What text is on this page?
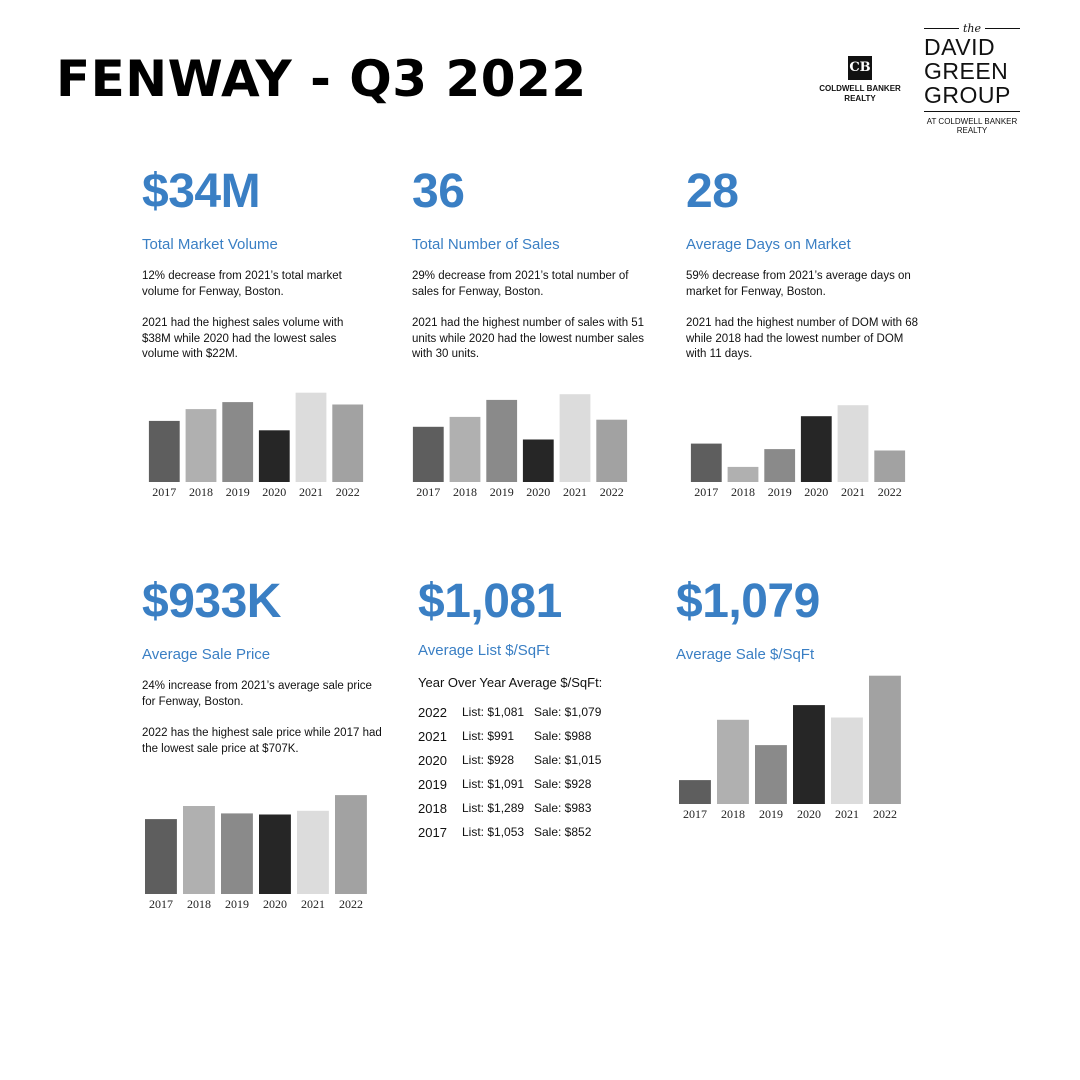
FENWAY - Q3 2022	CB
COLDWELL BANKER REALTY
the
DAVID
GREEN
GROUP
AT COLDWELL BANKER REALTY
$34M
Total Market Volume

12% decrease from 2021’s total market volume for Fenway, Boston.

2021 had the highest sales volume with $38M while 2020 had the lowest sales volume with $22M.

36
Total Number of Sales

29% decrease from 2021’s total number of sales for Fenway, Boston.

2021 had the highest number of sales with 51 units while 2020 had the lowest number sales with 30 units.

28
Average Days on Market

59% decrease from 2021’s average days on market for Fenway, Boston.

2021 had the highest number of DOM with 68 while 2018 had the lowest number of DOM with 11 days.

2017 2018 2019 2020 2021 2022	2017 2018 2019 2020 2021 2022	2017 2018 2019 2020 2021 2022
$933K
Average Sale Price

24% increase from 2021’s average sale price for Fenway, Boston.

2022 has the highest sale price while 2017 had the lowest sale price at $707K.

$1,081
Average List $/SqFt
Year Over Year Average $/SqFt:
2022	List: $1,081	Sale: $1,079
2021	List: $991	Sale: $988
2020	List: $928	Sale: $1,015
2019	List: $1,091	Sale: $928
2018	List: $1,289	Sale: $983
2017	List: $1,053	Sale: $852
$1,079
Average Sale $/SqFt
2017 2018 2019 2020 2021 2022
2017 2018 2019 2020 2021 2022
